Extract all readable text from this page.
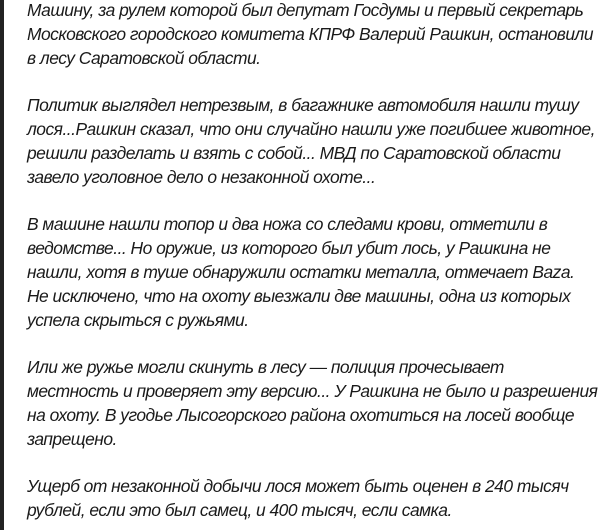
Машину, за рулем которой был депутат Госдумы и первый секретарь
Московского городского комитета КПРФ Валерий Рашкин, остановили
в лесу Саратовской области.

Политик выглядел нетрезвым, в багажнике автомобиля нашли тушу
лося...Рашкин сказал, что они случайно нашли уже погибшее животное,
решили разделать и взять с собой... МВД по Саратовской области
завело уголовное дело о незаконной охоте...

В машине нашли топор и два ножа со следами крови, отметили в
ведомстве... Но оружие, из которого был убит лось, у Рашкина не
нашли, хотя в туше обнаружили остатки металла, отмечает Baza.
Не исключено, что на охоту выезжали две машины, одна из которых
успела скрыться с ружьями.

Или же ружье могли скинуть в лесу — полиция прочесывает
местность и проверяет эту версию... У Рашкина не было и разрешения
на охоту. В угодье Лысогорского района охотиться на лосей вообще
запрещено.

Ущерб от незаконной добычи лося может быть оценен в 240 тысяч
рублей, если это был самец, и 400 тысяч, если самка.
